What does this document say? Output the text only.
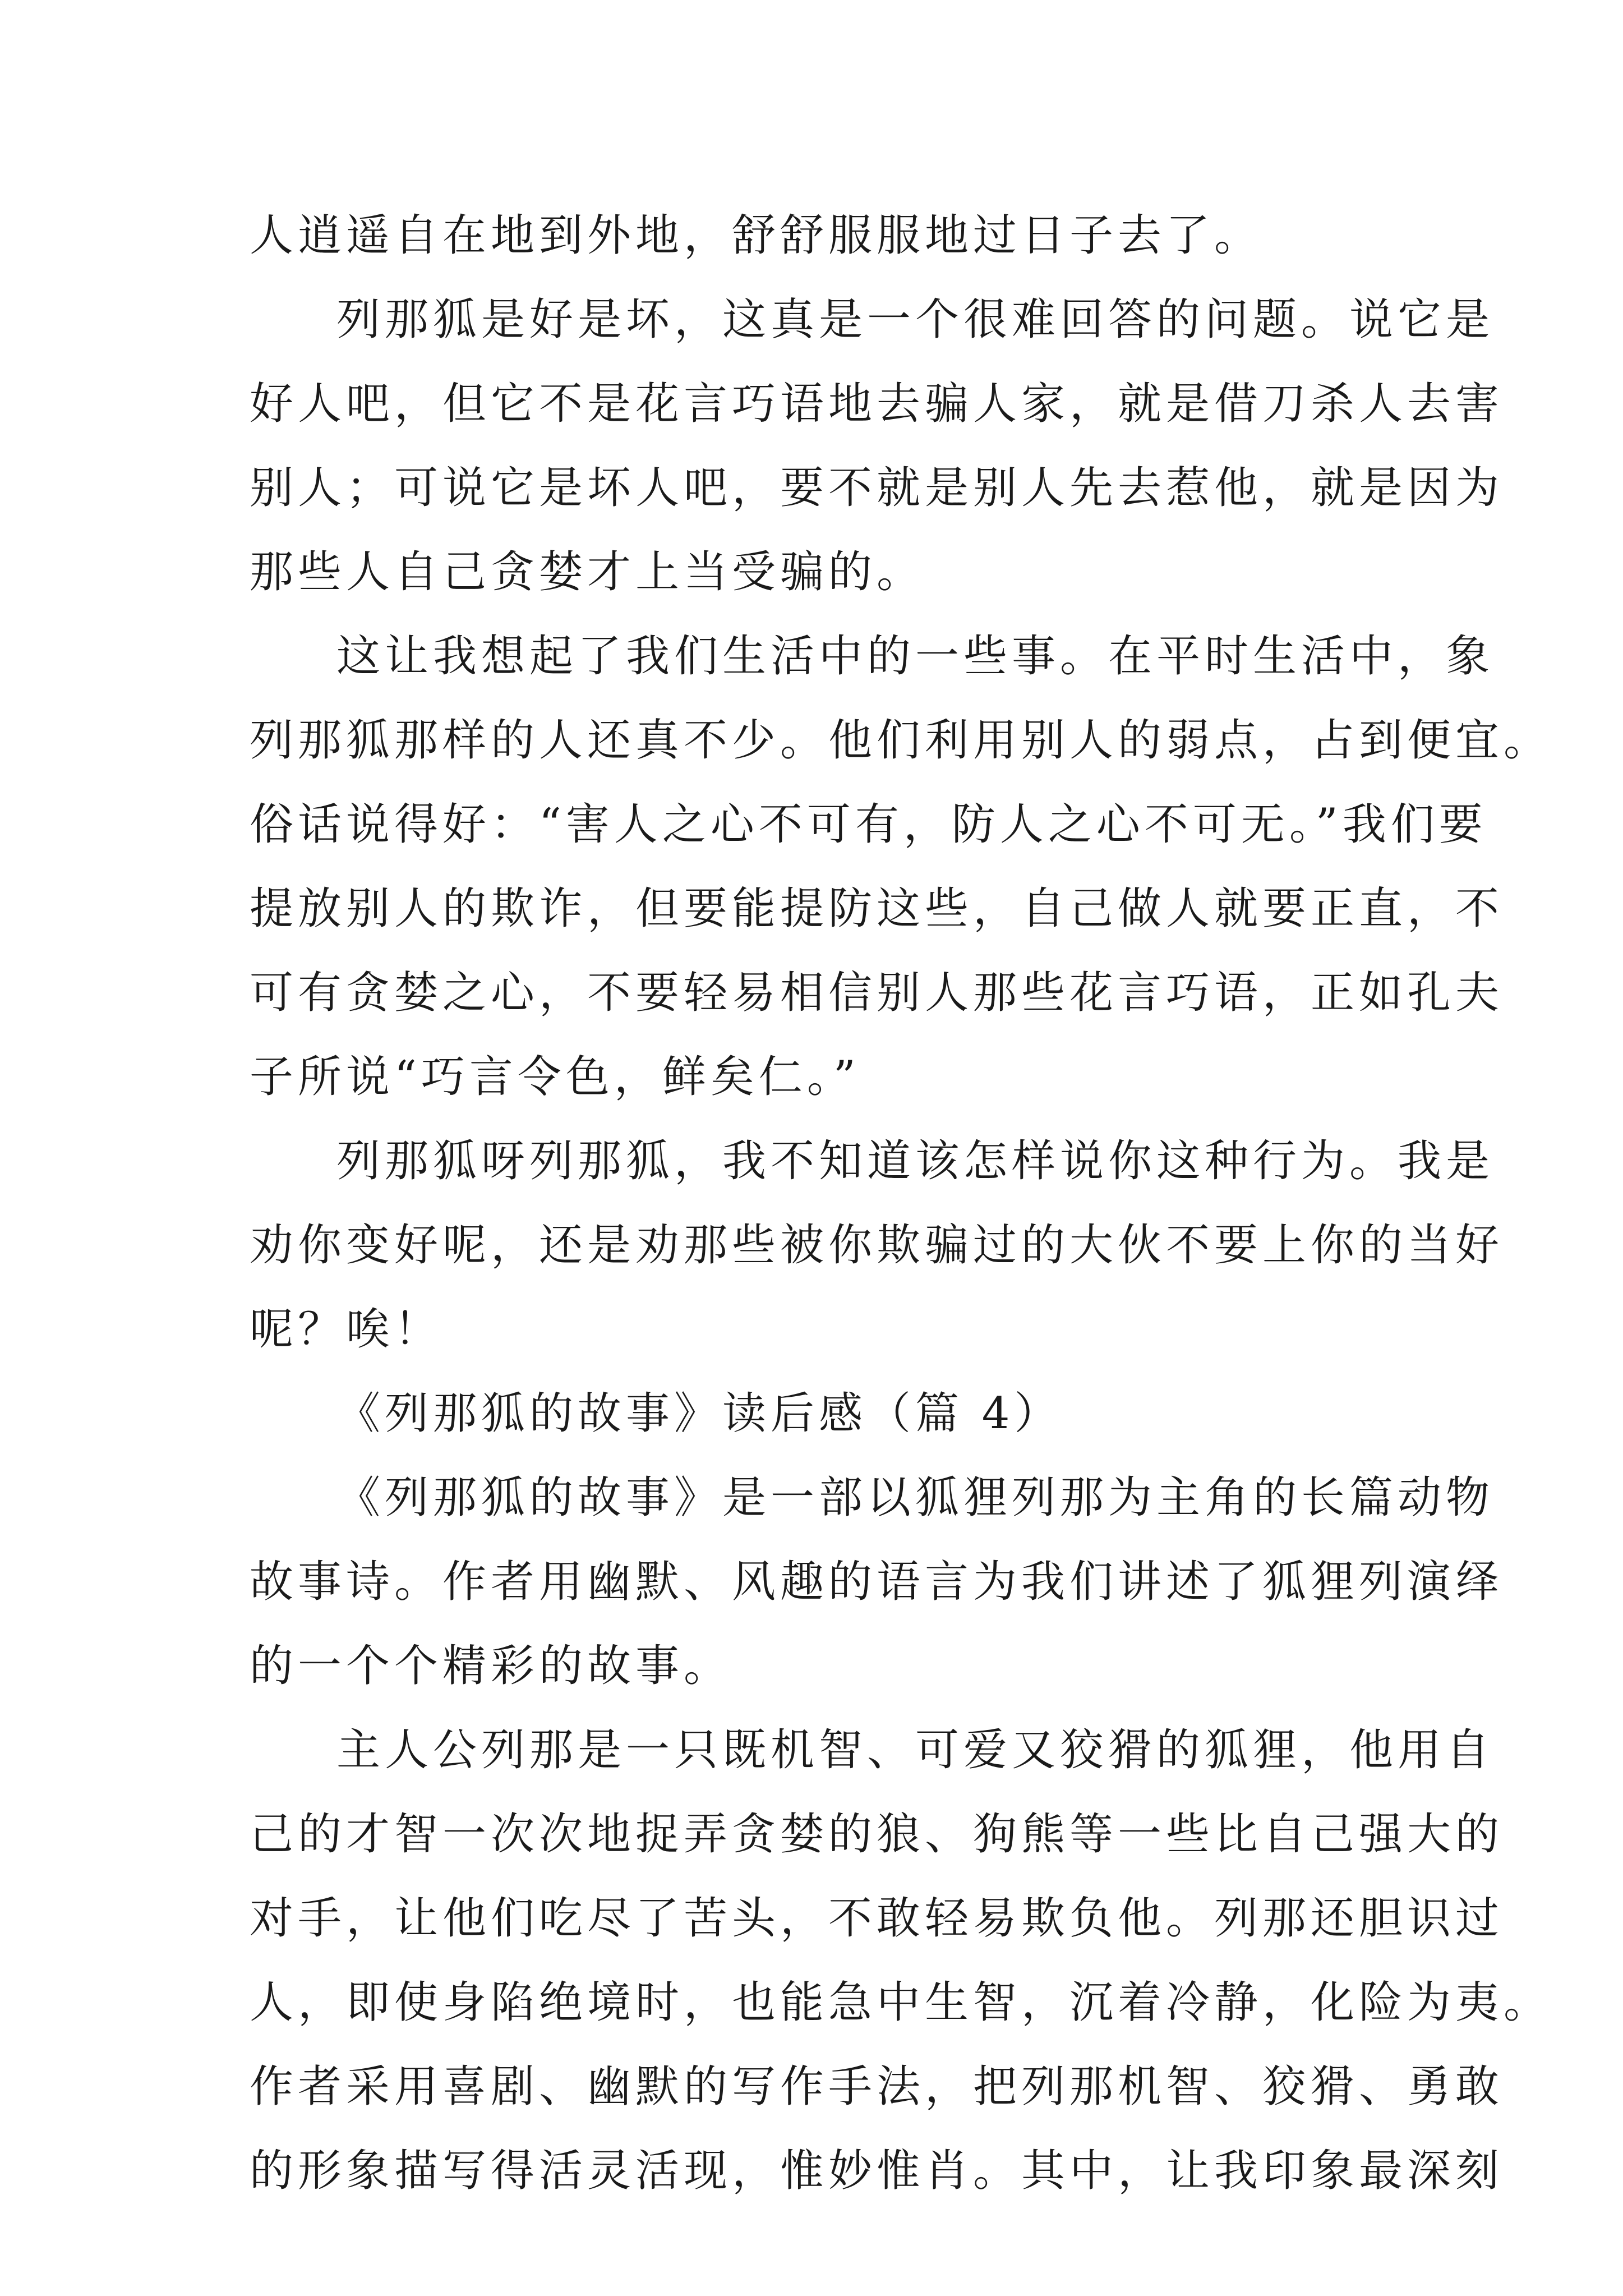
人逍遥自在地到外地，舒舒服服地过日子去了。
列那狐是好是坏，这真是一个很难回答的问题。说它是
好人吧，但它不是花言巧语地去骗人家，就是借刀杀人去害
别人；可说它是坏人吧，要不就是别人先去惹他，就是因为
那些人自己贪婪才上当受骗的。
这让我想起了我们生活中的一些事。在平时生活中，象
列那狐那样的人还真不少。他们利用别人的弱点，占到便宜。
俗话说得好：“害人之心不可有，防人之心不可无。”我们要
提放别人的欺诈，但要能提防这些，自己做人就要正直，不
可有贪婪之心，不要轻易相信别人那些花言巧语，正如孔夫
子所说“巧言令色，鲜矣仁。”
列那狐呀列那狐，我不知道该怎样说你这种行为。我是
劝你变好呢，还是劝那些被你欺骗过的大伙不要上你的当好
呢？唉！
《列那狐的故事》读后感（篇 4）
《列那狐的故事》是一部以狐狸列那为主角的长篇动物
故事诗。作者用幽默、风趣的语言为我们讲述了狐狸列演绎
的一个个精彩的故事。
主人公列那是一只既机智、可爱又狡猾的狐狸，他用自
己的才智一次次地捉弄贪婪的狼、狗熊等一些比自己强大的
对手，让他们吃尽了苦头，不敢轻易欺负他。列那还胆识过
人，即使身陷绝境时，也能急中生智，沉着冷静，化险为夷。
作者采用喜剧、幽默的写作手法，把列那机智、狡猾、勇敢
的形象描写得活灵活现，惟妙惟肖。其中，让我印象最深刻
